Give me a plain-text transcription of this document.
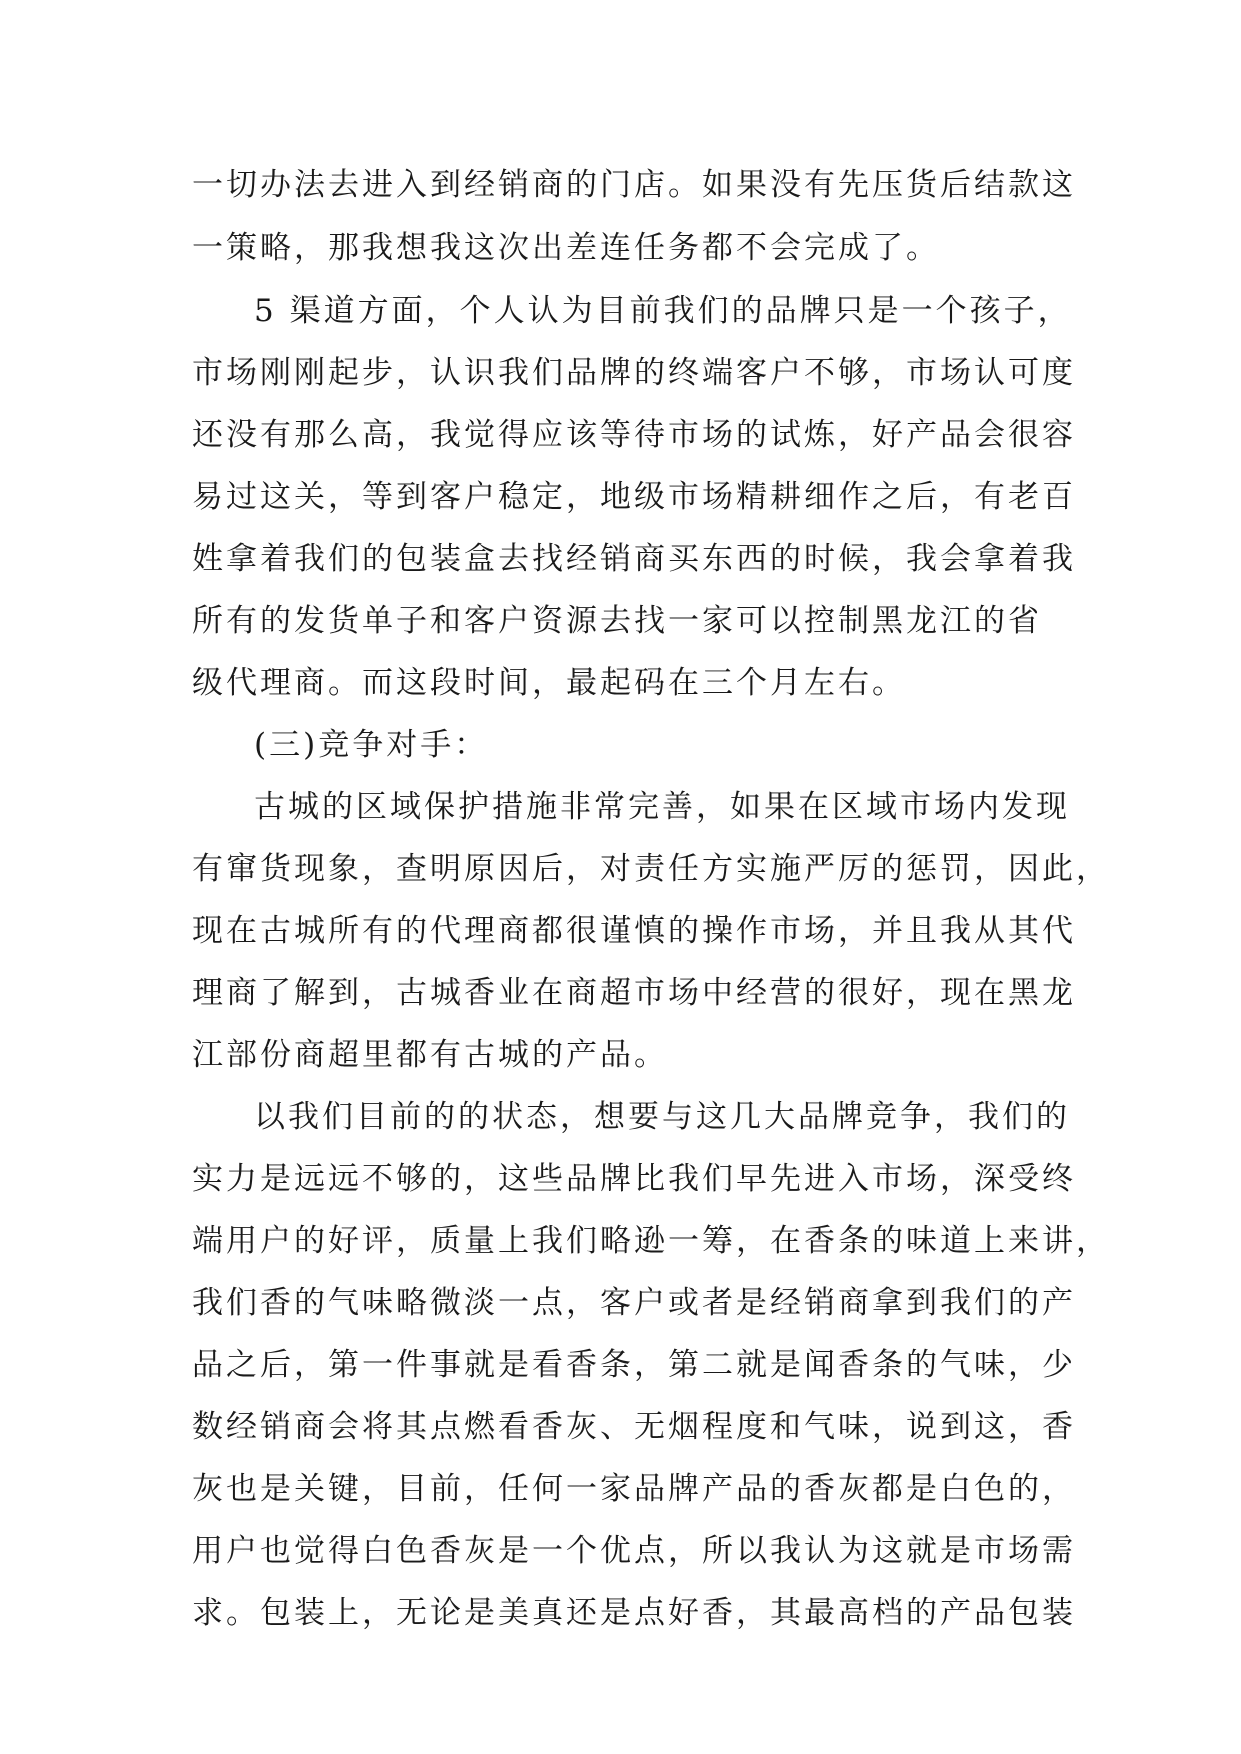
一切办法去进入到经销商的门店。如果没有先压货后结款这
一策略，那我想我这次出差连任务都不会完成了。
5 渠道方面，个人认为目前我们的品牌只是一个孩子，
市场刚刚起步，认识我们品牌的终端客户不够，市场认可度
还没有那么高，我觉得应该等待市场的试炼，好产品会很容
易过这关，等到客户稳定，地级市场精耕细作之后，有老百
姓拿着我们的包装盒去找经销商买东西的时候，我会拿着我
所有的发货单子和客户资源去找一家可以控制黑龙江的省
级代理商。而这段时间，最起码在三个月左右。
(三)竞争对手：
古城的区域保护措施非常完善，如果在区域市场内发现
有窜货现象，查明原因后，对责任方实施严厉的惩罚，因此，
现在古城所有的代理商都很谨慎的操作市场，并且我从其代
理商了解到，古城香业在商超市场中经营的很好，现在黑龙
江部份商超里都有古城的产品。
以我们目前的的状态，想要与这几大品牌竞争，我们的
实力是远远不够的，这些品牌比我们早先进入市场，深受终
端用户的好评，质量上我们略逊一筹，在香条的味道上来讲，
我们香的气味略微淡一点，客户或者是经销商拿到我们的产
品之后，第一件事就是看香条，第二就是闻香条的气味，少
数经销商会将其点燃看香灰、无烟程度和气味，说到这，香
灰也是关键，目前，任何一家品牌产品的香灰都是白色的，
用户也觉得白色香灰是一个优点，所以我认为这就是市场需
求。包装上，无论是美真还是点好香，其最高档的产品包装
